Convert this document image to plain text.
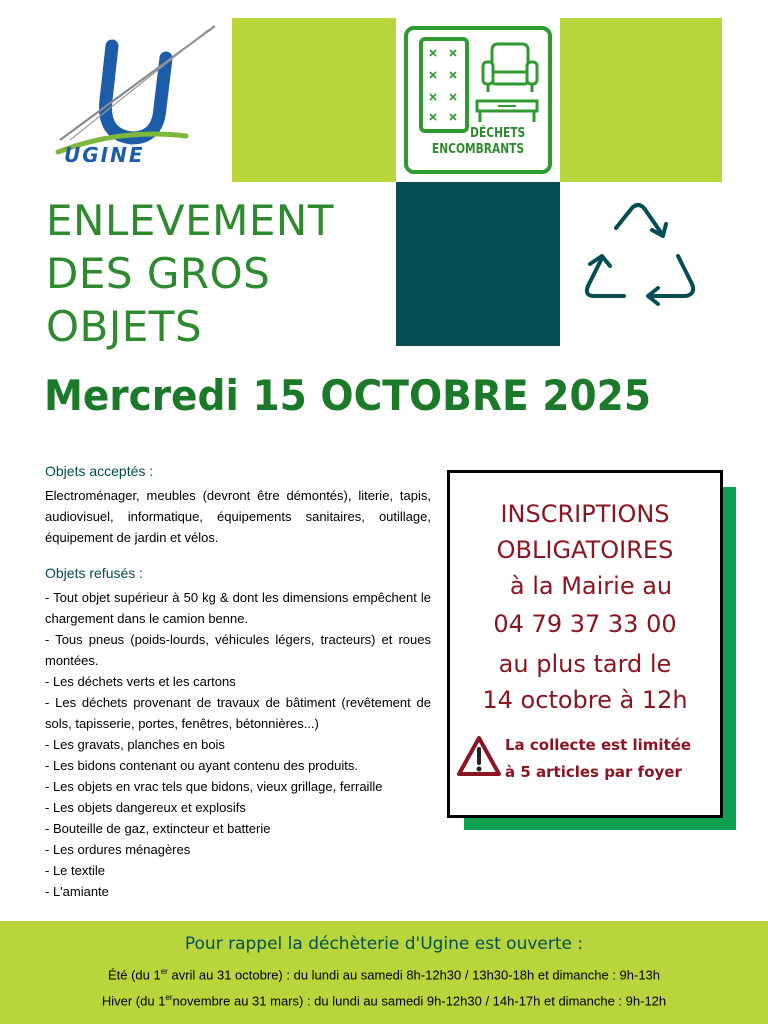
UGINE
DÉCHETS
ENCOMBRANTS
ENLEVEMENT
DES GROS
OBJETS
Mercredi 15 OCTOBRE 2025
Objets acceptés :
Electroménager, meubles (devront être démontés), literie, tapis, audiovisuel, informatique, équipements sanitaires, outillage, équipement de jardin et vélos.
Objets refusés :
- Tout objet supérieur à 50 kg & dont les dimensions empêchent le chargement dans le camion benne.
- Tous pneus (poids-lourds, véhicules légers, tracteurs) et roues montées.
- Les déchets verts et les cartons
- Les déchets provenant de travaux de bâtiment (revêtement de sols, tapisserie, portes, fenêtres, bétonnières...)
- Les gravats, planches en bois
- Les bidons contenant ou ayant contenu des produits.
- Les objets en vrac tels que bidons, vieux grillage, ferraille
- Les objets dangereux et explosifs
- Bouteille de gaz, extincteur et batterie
- Les ordures ménagères
- Le textile
- L'amiante
INSCRIPTIONS
OBLIGATOIRES
à la Mairie au
04 79 37 33 00
au plus tard le
14 octobre à 12h
La collecte est limitée
à 5 articles par foyer
Pour rappel la déchèterie d'Ugine est ouverte :
Été (du 1er avril au 31 octobre) : du lundi au samedi 8h-12h30 / 13h30-18h et dimanche : 9h-13h
Hiver (du 1ernovembre au 31 mars) : du lundi au samedi 9h-12h30 / 14h-17h et dimanche : 9h-12h
